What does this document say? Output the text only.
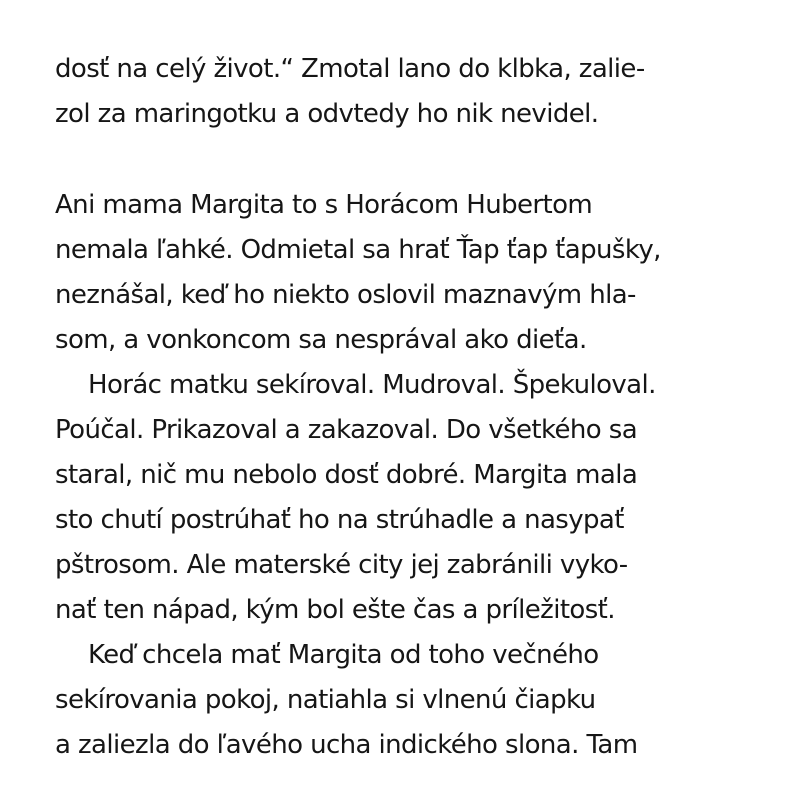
dosť na celý život.“ Zmotal lano do klbka, zalie-
zol za maringotku a odvtedy ho nik nevidel.
Ani mama Margita to s Horácom Hubertom
nemala ľahké. Odmietal sa hrať Ťap ťap ťapušky,
neznášal, keď ho niekto oslovil maznavým hla-
som, a vonkoncom sa nesprával ako dieťa.
Horác matku sekíroval. Mudroval. Špekuloval.
Poúčal. Prikazoval a zakazoval. Do všetkého sa
staral, nič mu nebolo dosť dobré. Margita mala
sto chutí postrúhať ho na strúhadle a nasypať
pštrosom. Ale materské city jej zabránili vyko-
nať ten nápad, kým bol ešte čas a príležitosť.
Keď chcela mať Margita od toho večného
sekírovania pokoj, natiahla si vlnenú čiapku
a zaliezla do ľavého ucha indického slona. Tam
